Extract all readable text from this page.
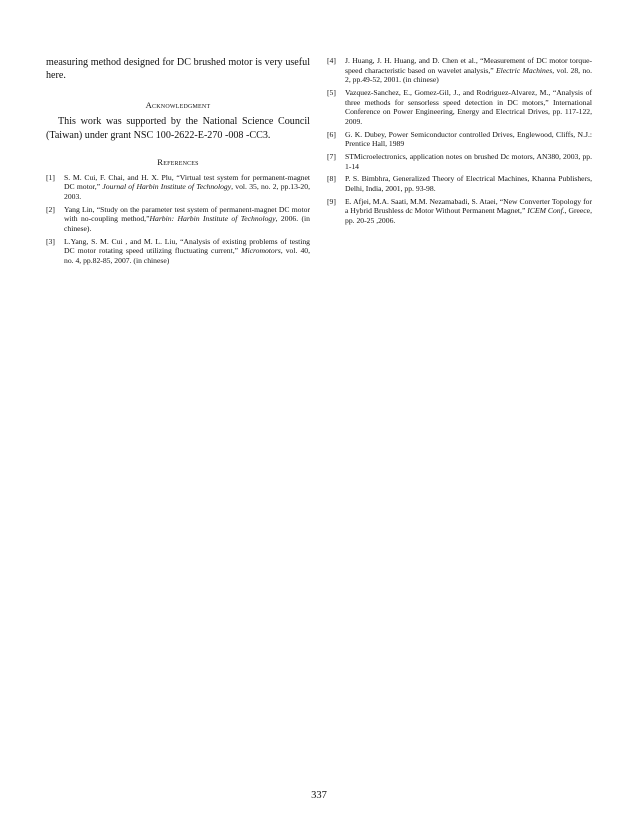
measuring method designed for DC brushed motor is very useful here.

Acknowledgment

This work was supported by the National Science Council (Taiwan) under grant NSC 100-2622-E-270 -008 -CC3.

References

[1]	S. M. Cui, F. Chai, and H. X. Plu, “Virtual test system for permanent-magnet DC motor,” Journal of Harbin Institute of Technology, vol. 35, no. 2, pp.13-20, 2003.
[2]	Yang Lin, “Study on the parameter test system of permanent-magnet DC motor with no-coupling method,”Harbin: Harbin Institute of Technology, 2006. (in chinese).
[3]	L.Yang, S. M. Cui , and M. L. Liu, “Analysis of existing problems of testing DC motor rotating speed utilizing fluctuating current,” Micromotors, vol. 40, no. 4, pp.82-85, 2007. (in chinese)
[4]	J. Huang, J. H. Huang, and D. Chen et al., “Measurement of DC motor torque-speed characteristic based on wavelet analysis,” Electric Machines, vol. 28, no. 2, pp.49-52, 2001. (in chinese)
[5]	Vazquez-Sanchez, E., Gomez-Gil, J., and Rodriguez-Alvarez, M., “Analysis of three methods for sensorless speed detection in DC motors,” International Conference on Power Engineering, Energy and Electrical Drives, pp. 117-122, 2009.
[6]	G. K. Dubey, Power Semiconductor controlled Drives, Englewood, Cliffs, N.J.: Prentice Hall, 1989
[7]	STMicroelectronics, application notes on brushed Dc motors, AN380, 2003, pp. 1-14
[8]	P. S. Bimbhra, Generalized Theory of Electrical Machines, Khanna Publishers, Delhi, India, 2001, pp. 93-98.
[9]	E. Afjei, M.A. Saati, M.M. Nezamabadi, S. Ataei, “New Converter Topology for a Hybrid Brushless dc Motor Without Permanent Magnet,” ICEM Conf., Greece, pp. 20-25 ,2006.
337
